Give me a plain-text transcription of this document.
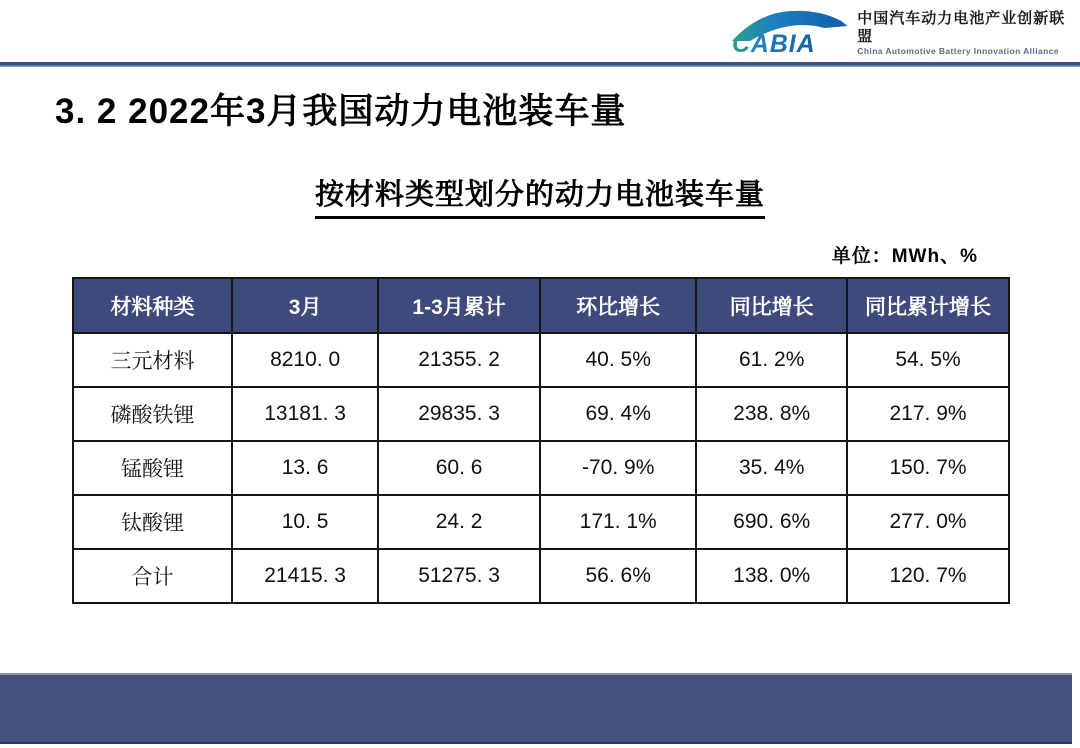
CABIA
中国汽车动力电池产业创新联盟
China Automotive Battery Innovation Alliance
3. 2 2022年3月我国动力电池装车量
按材料类型划分的动力电池装车量
单位：MWh、%
材料种类	3月	1-3月累计	环比增长	同比增长	同比累计增长
三元材料	8210. 0	21355. 2	40. 5%	61. 2%	54. 5%
磷酸铁锂	13181. 3	29835. 3	69. 4%	238. 8%	217. 9%
锰酸锂	13. 6	60. 6	-70. 9%	35. 4%	150. 7%
钛酸锂	10. 5	24. 2	171. 1%	690. 6%	277. 0%
合计	21415. 3	51275. 3	56. 6%	138. 0%	120. 7%
